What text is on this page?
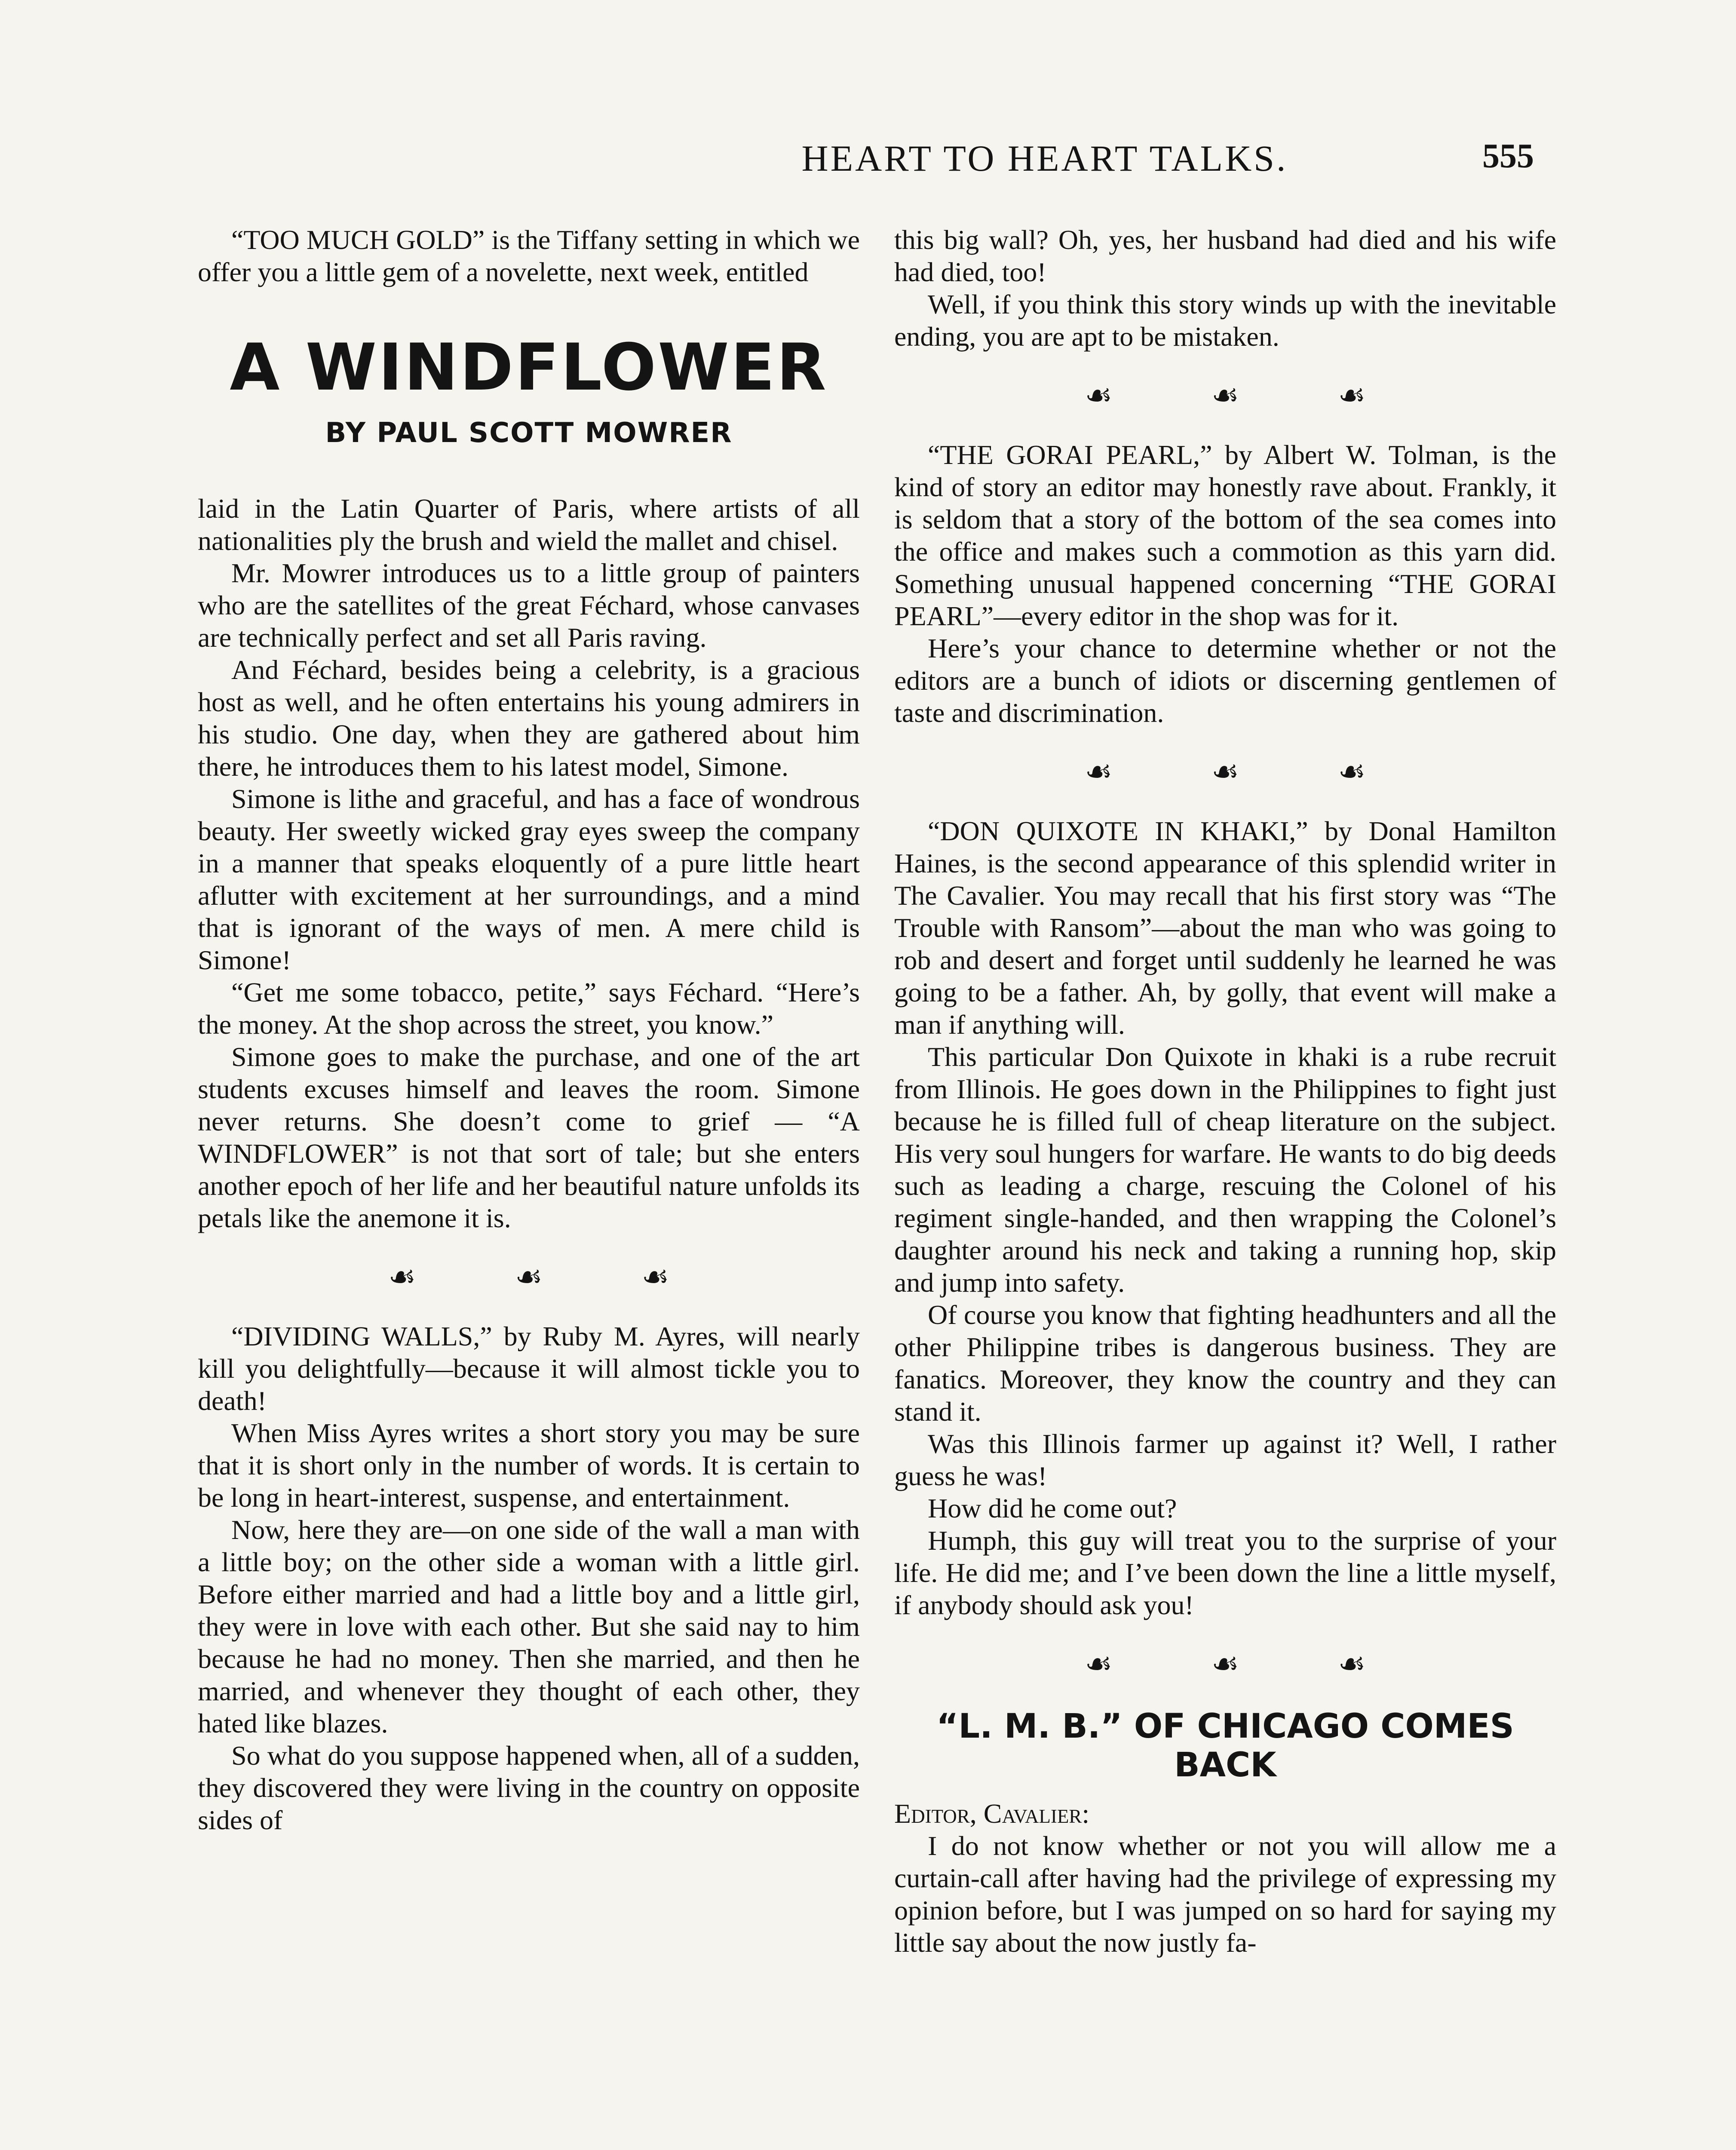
HEART TO HEART TALKS.	555

“TOO MUCH GOLD” is the Tiffany setting in which we offer you a little gem of a novelette, next week, entitled

A WINDFLOWER
BY PAUL SCOTT MOWRER

laid in the Latin Quarter of Paris, where artists of all nationalities ply the brush and wield the mallet and chisel.

Mr. Mowrer introduces us to a little group of painters who are the satellites of the great Féchard, whose canvases are technically perfect and set all Paris raving.

And Féchard, besides being a celebrity, is a gracious host as well, and he often entertains his young admirers in his studio. One day, when they are gathered about him there, he introduces them to his latest model, Simone.

Simone is lithe and graceful, and has a face of wondrous beauty. Her sweetly wicked gray eyes sweep the company in a manner that speaks eloquently of a pure little heart aflutter with excitement at her surroundings, and a mind that is ignorant of the ways of men. A mere child is Simone!

“Get me some tobacco, petite,” says Féchard. “Here’s the money. At the shop across the street, you know.”

Simone goes to make the purchase, and one of the art students excuses himself and leaves the room. Simone never returns. She doesn’t come to grief — “A WINDFLOWER” is not that sort of tale; but she enters another epoch of her life and her beautiful nature unfolds its petals like the anemone it is.

☙	☙	☙

“DIVIDING WALLS,” by Ruby M. Ayres, will nearly kill you delightfully—because it will almost tickle you to death!

When Miss Ayres writes a short story you may be sure that it is short only in the number of words. It is certain to be long in heart-interest, suspense, and entertainment.

Now, here they are—on one side of the wall a man with a little boy; on the other side a woman with a little girl. Before either married and had a little boy and a little girl, they were in love with each other. But she said nay to him because he had no money. Then she married, and then he married, and whenever they thought of each other, they hated like blazes.

So what do you suppose happened when, all of a sudden, they discovered they were living in the country on opposite sides of

this big wall? Oh, yes, her husband had died and his wife had died, too!

Well, if you think this story winds up with the inevitable ending, you are apt to be mistaken.

☙	☙	☙

“THE GORAI PEARL,” by Albert W. Tolman, is the kind of story an editor may honestly rave about. Frankly, it is seldom that a story of the bottom of the sea comes into the office and makes such a commotion as this yarn did. Something unusual happened concerning “THE GORAI PEARL”—every editor in the shop was for it.

Here’s your chance to determine whether or not the editors are a bunch of idiots or discerning gentlemen of taste and discrimination.

☙	☙	☙

“DON QUIXOTE IN KHAKI,” by Donal Hamilton Haines, is the second appearance of this splendid writer in The Cavalier. You may recall that his first story was “The Trouble with Ransom”—about the man who was going to rob and desert and forget until suddenly he learned he was going to be a father. Ah, by golly, that event will make a man if anything will.

This particular Don Quixote in khaki is a rube recruit from Illinois. He goes down in the Philippines to fight just because he is filled full of cheap literature on the subject. His very soul hungers for warfare. He wants to do big deeds such as leading a charge, rescuing the Colonel of his regiment single-handed, and then wrapping the Colonel’s daughter around his neck and taking a running hop, skip and jump into safety.

Of course you know that fighting headhunters and all the other Philippine tribes is dangerous business. They are fanatics. Moreover, they know the country and they can stand it.

Was this Illinois farmer up against it? Well, I rather guess he was!

How did he come out?

Humph, this guy will treat you to the surprise of your life. He did me; and I’ve been down the line a little myself, if anybody should ask you!

☙	☙	☙
“L. M. B.” OF CHICAGO COMES BACK

Editor, Cavalier:

I do not know whether or not you will allow me a curtain-call after having had the privilege of expressing my opinion before, but I was jumped on so hard for saying my little say about the now justly fa-
